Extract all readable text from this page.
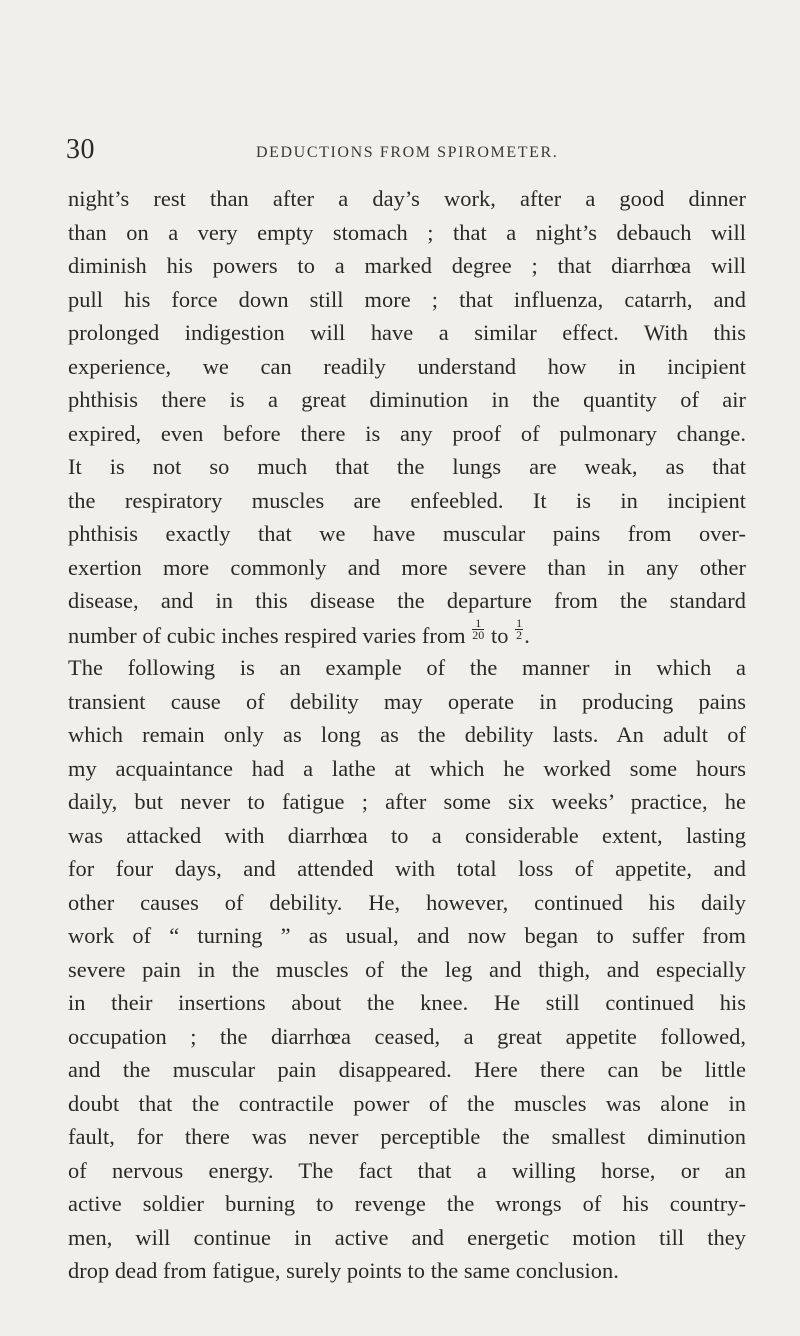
30	DEDUCTIONS FROM SPIROMETER.
night’s rest than after a day’s work, after a good dinner
than on a very empty stomach ; that a night’s debauch will
diminish his powers to a marked degree ; that diarrhœa will
pull his force down still more ; that influenza, catarrh, and
prolonged indigestion will have a similar effect. With this
experience, we can readily understand how in incipient
phthisis there is a great diminution in the quantity of air
expired, even before there is any proof of pulmonary change.
It is not so much that the lungs are weak, as that
the respiratory muscles are enfeebled. It is in incipient
phthisis exactly that we have muscular pains from over-
exertion more commonly and more severe than in any other
disease, and in this disease the departure from the standard
number of cubic inches respired varies from $\frac{1}{20}$ to $\frac{1}{2}$ .
The following is an example of the manner in which a
transient cause of debility may operate in producing pains
which remain only as long as the debility lasts. An adult of
my acquaintance had a lathe at which he worked some hours
daily, but never to fatigue ; after some six weeks’ practice, he
was attacked with diarrhœa to a considerable extent, lasting
for four days, and attended with total loss of appetite, and
other causes of debility. He, however, continued his daily
work of “ turning ” as usual, and now began to suffer from
severe pain in the muscles of the leg and thigh, and especially
in their insertions about the knee. He still continued his
occupation ; the diarrhœa ceased, a great appetite followed,
and the muscular pain disappeared. Here there can be little
doubt that the contractile power of the muscles was alone in
fault, for there was never perceptible the smallest diminution
of nervous energy. The fact that a willing horse, or an
active soldier burning to revenge the wrongs of his country-
men, will continue in active and energetic motion till they
drop dead from fatigue, surely points to the same conclusion.
